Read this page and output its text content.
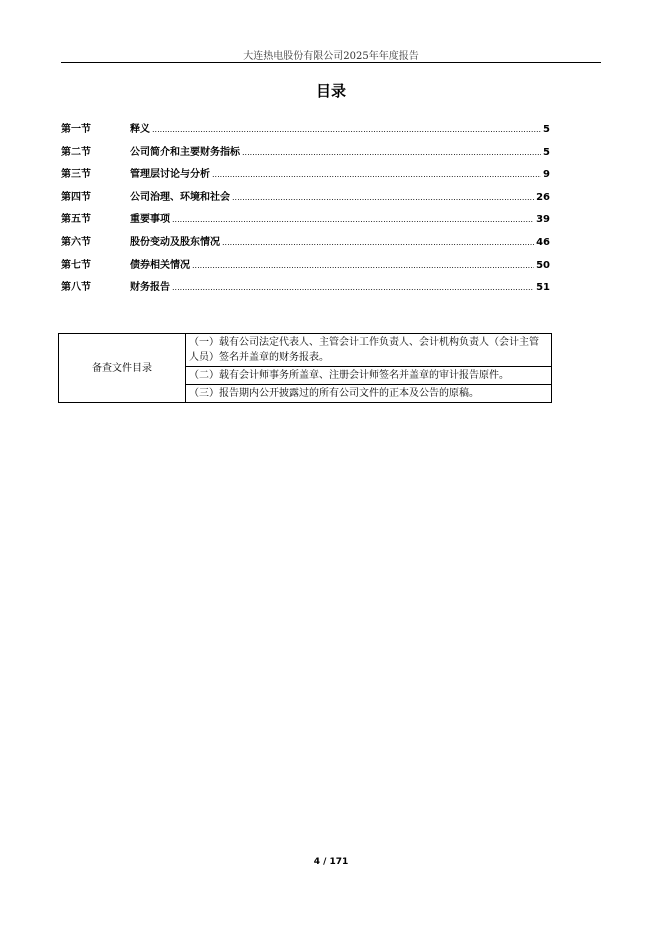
大连热电股份有限公司2025年年度报告
目录
第一节	释义 .....	5
第二节	公司简介和主要财务指标 .....	5
第三节	管理层讨论与分析 .....	9
第四节	公司治理、环境和社会 .....	26
第五节	重要事项 .....	39
第六节	股份变动及股东情况 .....	46
第七节	债券相关情况 .....	50
第八节	财务报告 .....	51
备查文件目录	（一）载有公司法定代表人、主管会计工作负责人、会计机构负责人（会计主管人员）签名并盖章的财务报表。
（二）载有会计师事务所盖章、注册会计师签名并盖章的审计报告原件。
（三）报告期内公开披露过的所有公司文件的正本及公告的原稿。
4 / 171
